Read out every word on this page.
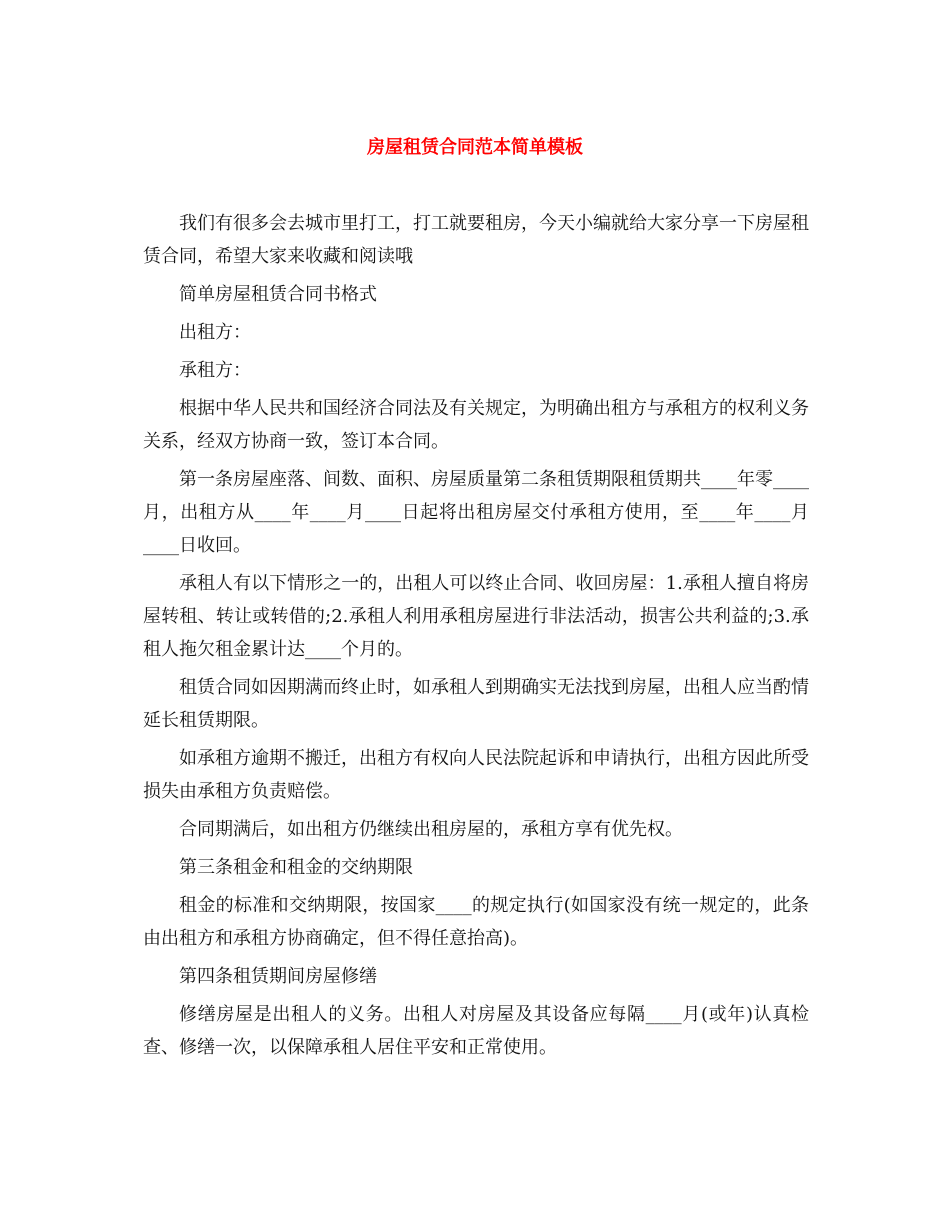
房屋租赁合同范本简单模板

我们有很多会去城市里打工，打工就要租房，今天小编就给大家分享一下房屋租赁合同，希望大家来收藏和阅读哦

简单房屋租赁合同书格式

出租方：

承租方：

根据中华人民共和国经济合同法及有关规定，为明确出租方与承租方的权利义务关系，经双方协商一致，签订本合同。

第一条房屋座落、间数、面积、房屋质量第二条租赁期限租赁期共____年零____月，出租方从____年____月____日起将出租房屋交付承租方使用，至____年____月____日收回。

承租人有以下情形之一的，出租人可以终止合同、收回房屋：1.承租人擅自将房屋转租、转让或转借的;2.承租人利用承租房屋进行非法活动，损害公共利益的;3.承租人拖欠租金累计达____个月的。

租赁合同如因期满而终止时，如承租人到期确实无法找到房屋，出租人应当酌情延长租赁期限。

如承租方逾期不搬迁，出租方有权向人民法院起诉和申请执行，出租方因此所受损失由承租方负责赔偿。

合同期满后，如出租方仍继续出租房屋的，承租方享有优先权。

第三条租金和租金的交纳期限

租金的标准和交纳期限，按国家____的规定执行(如国家没有统一规定的，此条由出租方和承租方协商确定，但不得任意抬高)。

第四条租赁期间房屋修缮

修缮房屋是出租人的义务。出租人对房屋及其设备应每隔____月(或年)认真检查、修缮一次，以保障承租人居住平安和正常使用。
